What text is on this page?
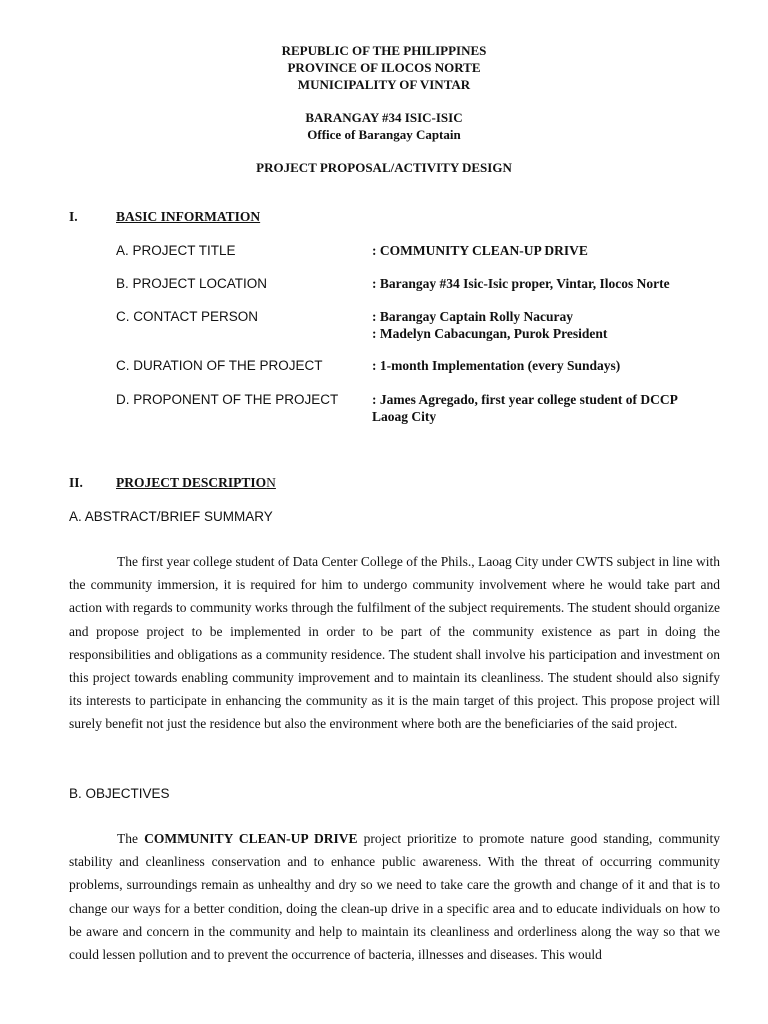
REPUBLIC OF THE PHILIPPINES
PROVINCE OF ILOCOS NORTE
MUNICIPALITY OF VINTAR
BARANGAY #34 ISIC-ISIC
Office of Barangay Captain
PROJECT PROPOSAL/ACTIVITY DESIGN
I.	BASIC INFORMATION
A. PROJECT TITLE	: COMMUNITY CLEAN-UP DRIVE
B. PROJECT LOCATION	: Barangay #34 Isic-Isic proper, Vintar, Ilocos Norte
C. CONTACT PERSON	: Barangay Captain Rolly Nacuray
: Madelyn Cabacungan, Purok President
C. DURATION OF THE PROJECT	: 1-month Implementation (every Sundays)
D. PROPONENT OF THE PROJECT : James Agregado, first year college student of DCCP
Laoag City
II. PROJECT DESCRIPTION
A. ABSTRACT/BRIEF SUMMARY

The first year college student of Data Center College of the Phils., Laoag City under CWTS subject in line with the community immersion, it is required for him to undergo community involvement where he would take part and action with regards to community works through the fulfilment of the subject requirements. The student should organize and propose project to be implemented in order to be part of the community existence as part in doing the responsibilities and obligations as a community residence. The student shall involve his participation and investment on this project towards enabling community improvement and to maintain its cleanliness. The student should also signify its interests to participate in enhancing the community as it is the main target of this project. This propose project will surely benefit not just the residence but also the environment where both are the beneficiaries of the said project.

B. OBJECTIVES

The COMMUNITY CLEAN-UP DRIVE project prioritize to promote nature good standing, community stability and cleanliness conservation and to enhance public awareness. With the threat of occurring community problems, surroundings remain as unhealthy and dry so we need to take care the growth and change of it and that is to change our ways for a better condition, doing the clean-up drive in a specific area and to educate individuals on how to be aware and concern in the community and help to maintain its cleanliness and orderliness along the way so that we could lessen pollution and to prevent the occurrence of bacteria, illnesses and diseases. This would
